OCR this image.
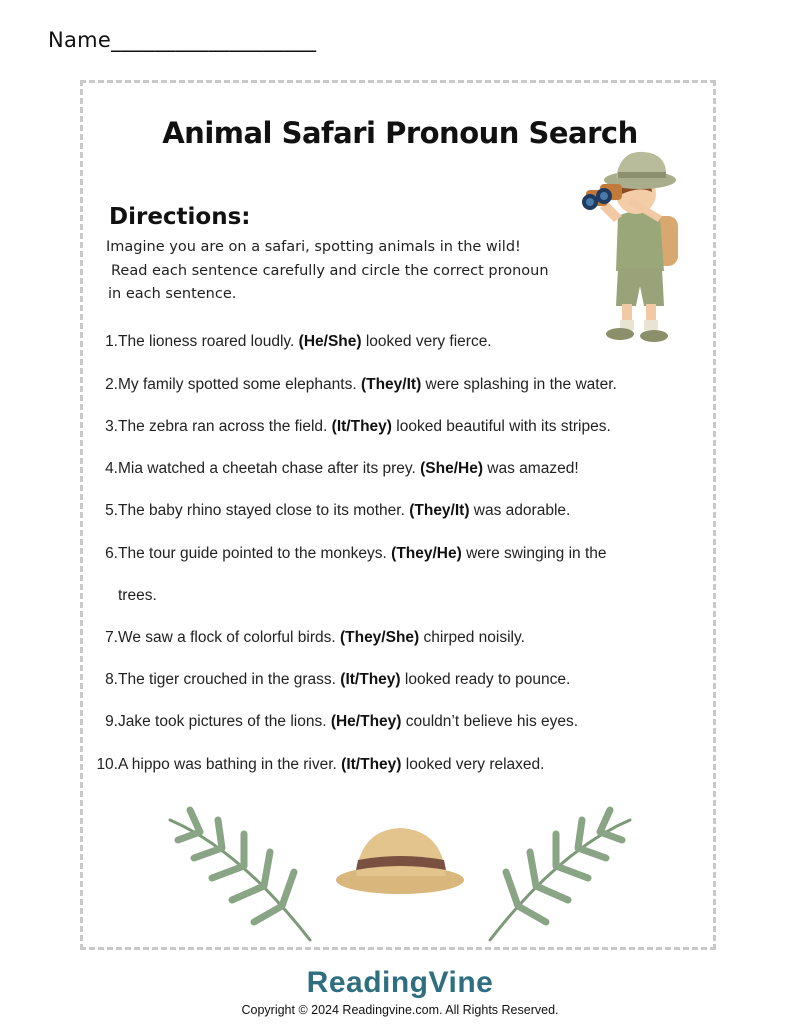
Name___________________
Animal Safari Pronoun Search
Directions:
Imagine you are on a safari, spotting animals in the wild!
Read each sentence carefully and circle the correct pronoun
in each sentence.
1.The lioness roared loudly. (He/She) looked very fierce.
2.My family spotted some elephants. (They/It) were splashing in the water.
3.The zebra ran across the field. (It/They) looked beautiful with its stripes.
4.Mia watched a cheetah chase after its prey. (She/He) was amazed!
5.The baby rhino stayed close to its mother. (They/It) was adorable.
6.The tour guide pointed to the monkeys. (They/He) were swinging in the
trees.
7.We saw a flock of colorful birds. (They/She) chirped noisily.
8.The tiger crouched in the grass. (It/They) looked ready to pounce.
9.Jake took pictures of the lions. (He/They) couldn’t believe his eyes.
10.A hippo was bathing in the river. (It/They) looked very relaxed.
ReadingVine
Copyright © 2024 Readingvine.com. All Rights Reserved.
